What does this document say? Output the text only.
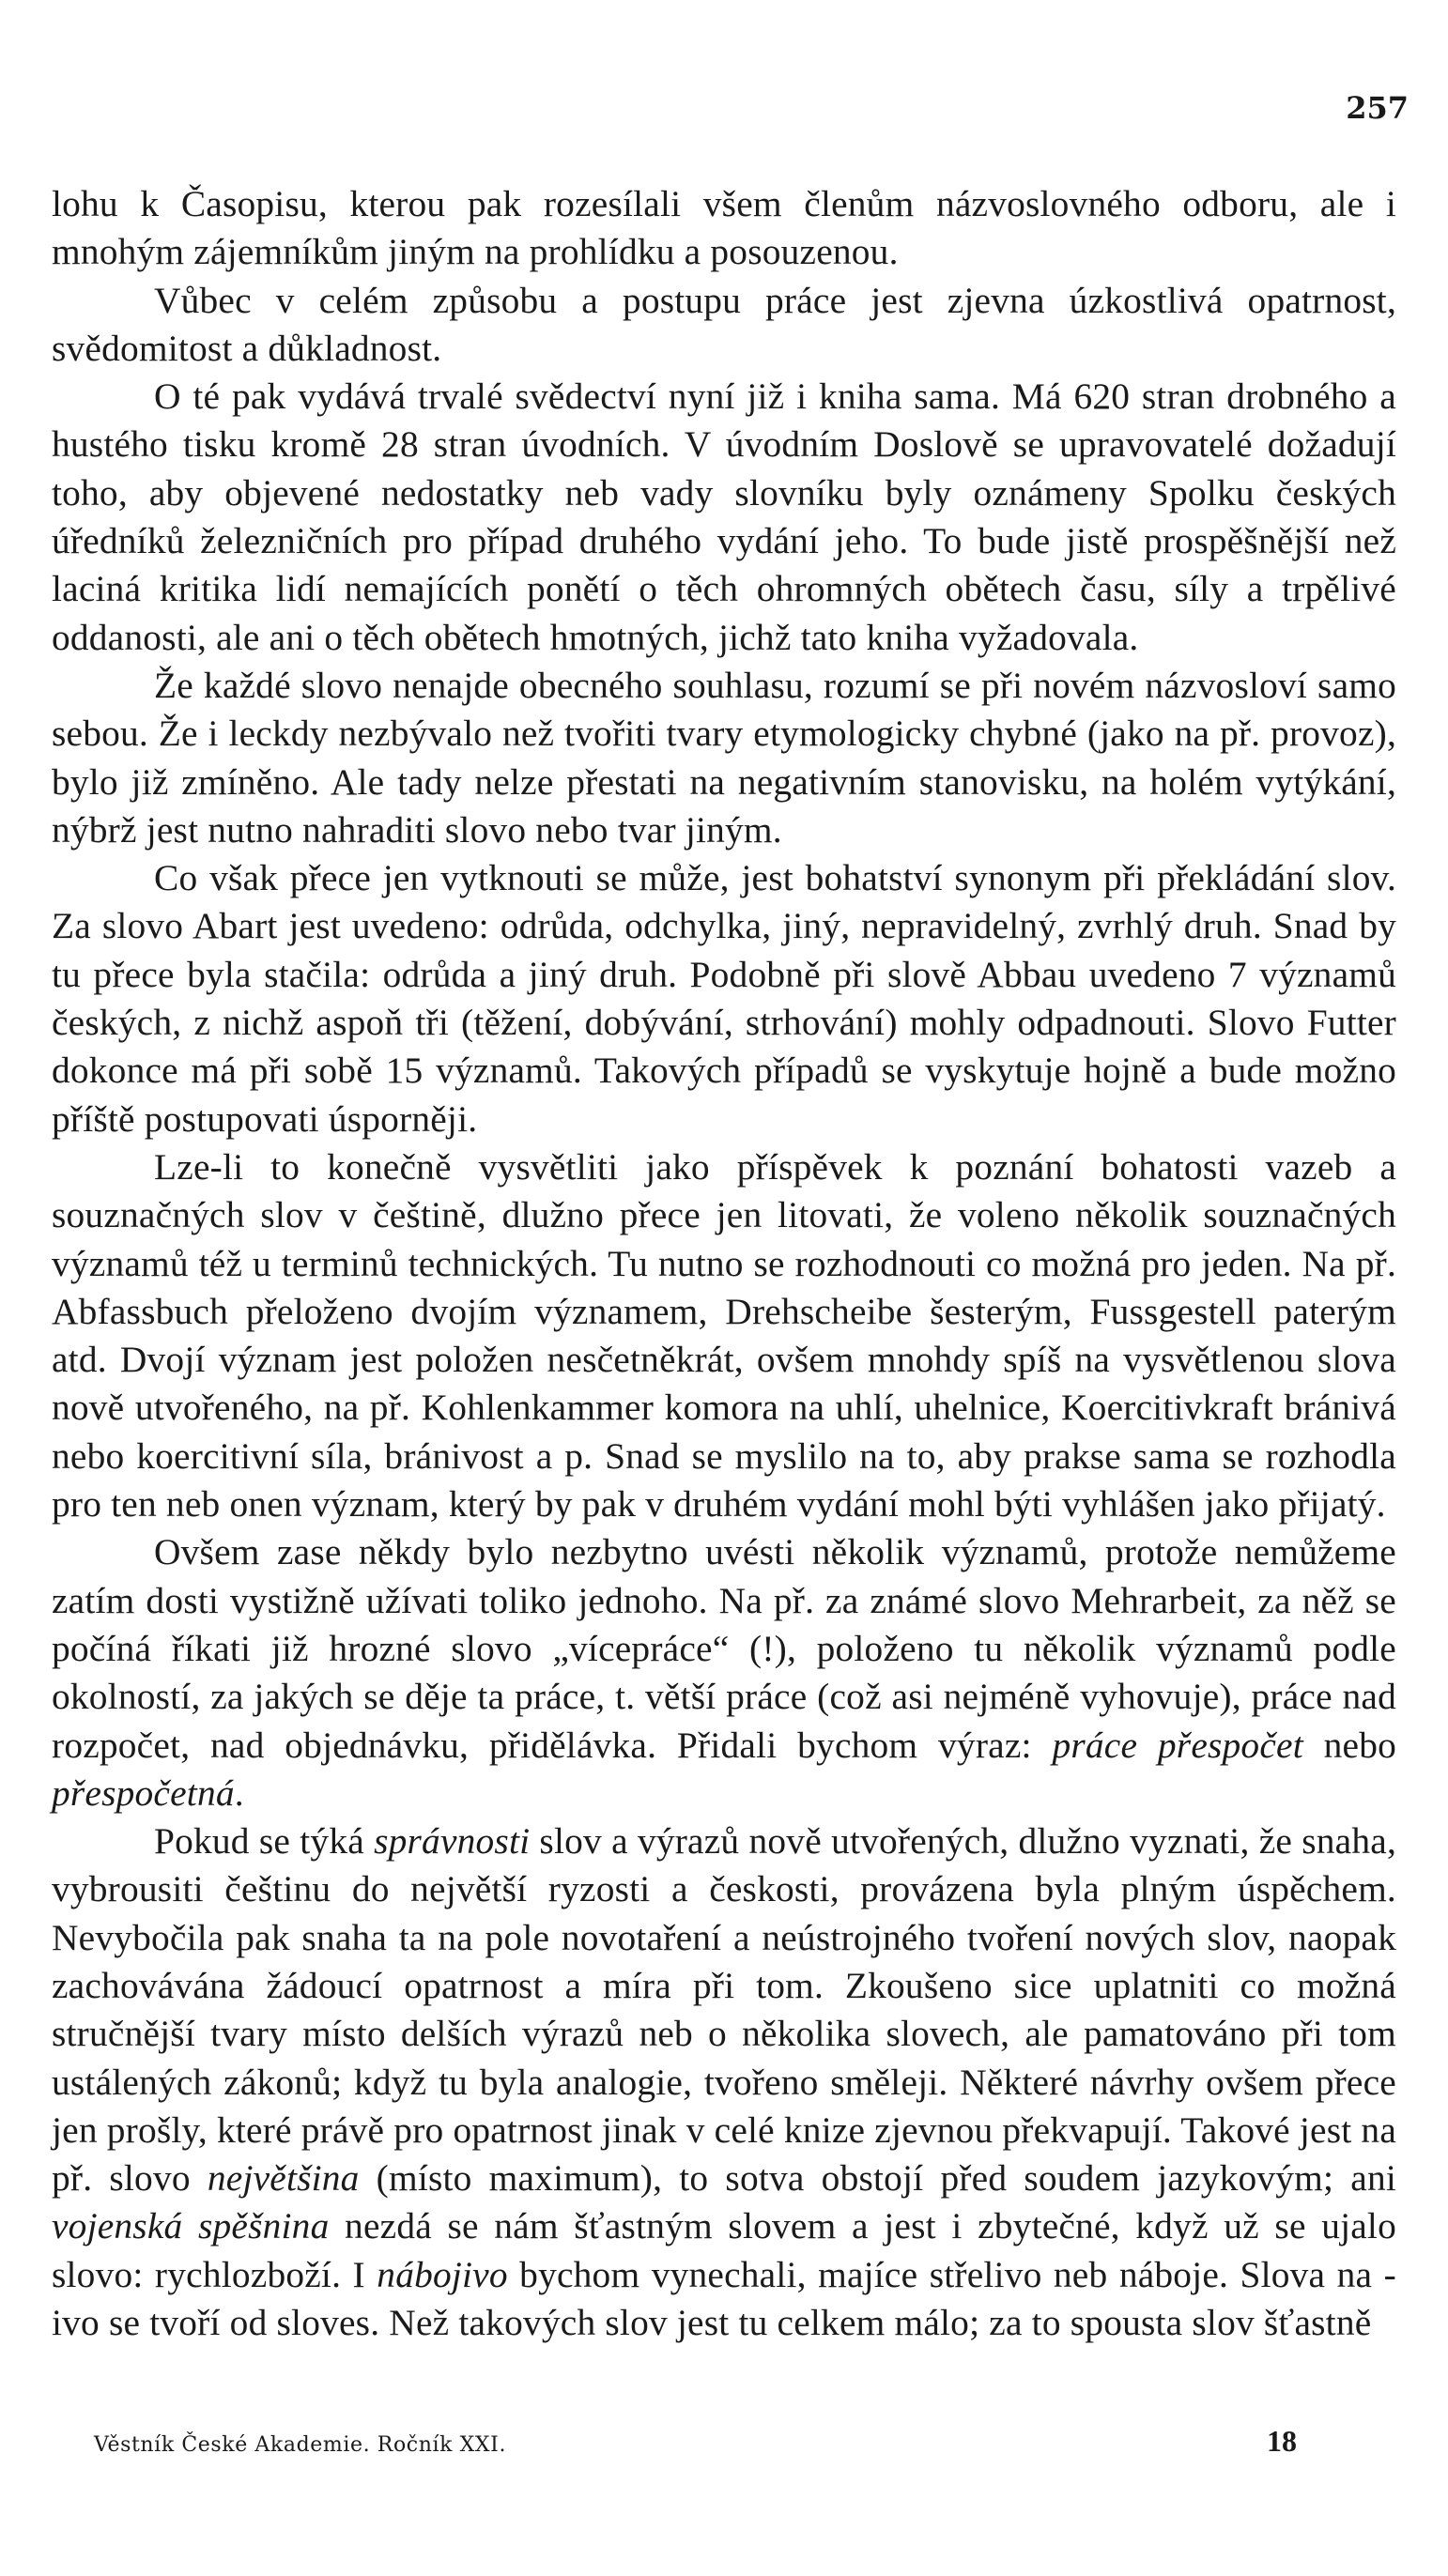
257

lohu k Časopisu, kterou pak rozesílali všem členům názvoslovného odboru, ale i mnohým zájemníkům jiným na prohlídku a posouzenou.

Vůbec v celém způsobu a postupu práce jest zjevna úzkostlivá opatrnost, svědomitost a důkladnost.

O té pak vydává trvalé svědectví nyní již i kniha sama. Má 620 stran drobného a hustého tisku kromě 28 stran úvodních. V úvodním Doslově se upravovatelé dožadují toho, aby objevené nedostatky neb vady slovníku byly oznámeny Spolku českých úředníků železničních pro případ druhého vydání jeho. To bude jistě prospěšnější než laciná kritika lidí nemajících ponětí o těch ohromných obětech času, síly a trpělivé oddanosti, ale ani o těch obětech hmotných, jichž tato kniha vyžadovala.

Že každé slovo nenajde obecného souhlasu, rozumí se při novém názvosloví samo sebou. Že i leckdy nezbývalo než tvořiti tvary etymologicky chybné (jako na př. provoz), bylo již zmíněno. Ale tady nelze přestati na negativním stanovisku, na holém vytýkání, nýbrž jest nutno nahraditi slovo nebo tvar jiným.

Co však přece jen vytknouti se může, jest bohatství synonym při překládání slov. Za slovo Abart jest uvedeno: odrůda, odchylka, jiný, nepravidelný, zvrhlý druh. Snad by tu přece byla stačila: odrůda a jiný druh. Podobně při slově Abbau uvedeno 7 významů českých, z nichž aspoň tři (těžení, dobývání, strhování) mohly odpadnouti. Slovo Futter dokonce má při sobě 15 významů. Takových případů se vyskytuje hojně a bude možno příště postupovati úsporněji.

Lze-li to konečně vysvětliti jako příspěvek k poznání bohatosti vazeb a souznačných slov v češtině, dlužno přece jen litovati, že voleno několik souznačných významů též u terminů technických. Tu nutno se rozhodnouti co možná pro jeden. Na př. Abfassbuch přeloženo dvojím významem, Drehscheibe šesterým, Fussgestell paterým atd. Dvojí význam jest položen nesčetněkrát, ovšem mnohdy spíš na vysvětlenou slova nově utvořeného, na př. Kohlenkammer komora na uhlí, uhelnice, Koercitivkraft bránivá nebo koercitivní síla, bránivost a p. Snad se myslilo na to, aby prakse sama se rozhodla pro ten neb onen význam, který by pak v druhém vydání mohl býti vyhlášen jako přijatý.

Ovšem zase někdy bylo nezbytno uvésti několik významů, protože nemůžeme zatím dosti vystižně užívati toliko jednoho. Na př. za známé slovo Mehrarbeit, za něž se počíná říkati již hrozné slovo „vícepráce“ (!), položeno tu několik významů podle okolností, za jakých se děje ta práce, t. větší práce (což asi nejméně vyhovuje), práce nad rozpočet, nad objednávku, přidělávka. Přidali bychom výraz: práce přespočet nebo přespočetná.

Pokud se týká správnosti slov a výrazů nově utvořených, dlužno vyznati, že snaha, vybrousiti češtinu do největší ryzosti a českosti, provázena byla plným úspěchem. Nevybočila pak snaha ta na pole novotaření a neústrojného tvoření nových slov, naopak zachovávána žádoucí opatrnost a míra při tom. Zkoušeno sice uplatniti co možná stručnější tvary místo delších výrazů neb o několika slovech, ale pamatováno při tom ustálených zákonů; když tu byla analogie, tvořeno směleji. Některé návrhy ovšem přece jen prošly, které právě pro opatrnost jinak v celé knize zjevnou překvapují. Takové jest na př. slovo největšina (místo maximum), to sotva obstojí před soudem jazykovým; ani vojenská spěšnina nezdá se nám šťastným slovem a jest i zbytečné, když už se ujalo slovo: rychlozboží. I nábojivo bychom vynechali, majíce střelivo neb náboje. Slova na -ivo se tvoří od sloves. Než takových slov jest tu celkem málo; za to spousta slov šťastně

Věstník České Akademie. Ročník XXI.	18
